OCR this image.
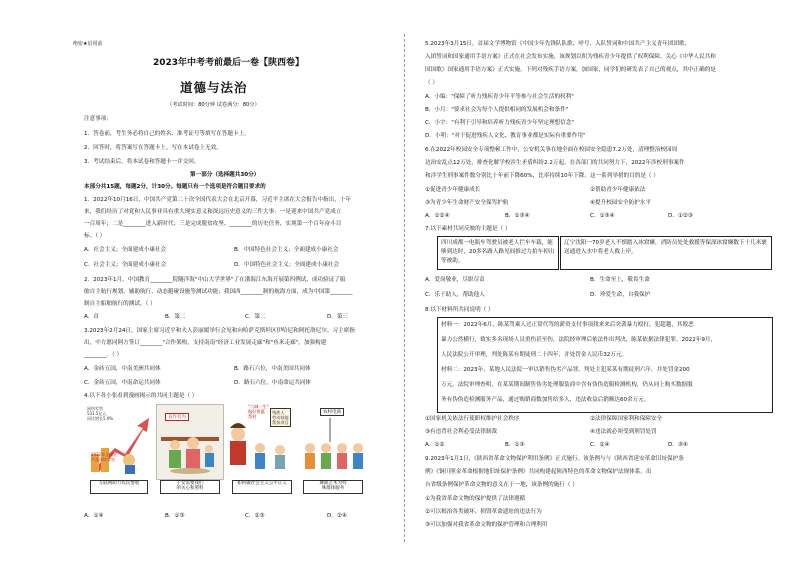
绝密★启用前
2023年中考考前最后一卷【陕西卷】
道德与法治
（考试时间：80分钟 试卷满分：80分）
注意事项：
1．答卷前，考生务必将自己的姓名、准考证号等填写在答题卡上。
2．回答时，将答案写在答题卡上。写在本试卷上无效。
3．考试结束后，将本试卷和答题卡一并交回。
第一部分（选择题共30分）
本部分共15题，每题2分，计30分。每题只有一个选项是符合题目要求的
1．2022年10月16日，中国共产党第二十次全国代表大会在北京开幕，习近平主席在大会报告中指出，十年
来，我们经历了对党和人民事业具有重大现实意义和深远历史意义的三件大事：一是迎来中国共产党成立
一百周年；二是________进入新时代；三是完成脱贫攻坚、________的历史任务，实现第一个百年奋斗目
标。（ ）
A．社会主义；全面建成小康社会	B．中国特色社会主义；全面建成小康社会
C．社会主义；全面建成小康社会	D．中国特色社会主义；全面建成小康社会
2．2023年1月，中国教育________院隧洋海"中山大学世界"了在渤海江东海开展第四例试，成功验证了船
舶自主航行规划、辅助航行、动态避碰设施等测试功能；我国西________制的航海方面，成为中国第________
制自主船舶航行的测试。（ ）
A．首	B．第二	C．第二	D．第三
3.2023年2月24日，国家主席习近平和夫人彭丽媛举行会见和向哈萨克斯坦区伊哈尼和阿托洛尼尔。习主席指
出，中方愿同阿方签订________"合作架构，支持南南"经济工业发展走廊"和"鱼米走廊"，加强构建
________。（ ）
A．金砖五国，中南美洲共同体	B．路石六位，中南美国共同体
C．金砖五国，中南命运共同体	D．路石六位，中南命运共同体
4.以下各小张看到漫画揭示的共同主题是（ ）
网络零售
531.5亿元
同比增长5.9%
2022年全国农
产品网络零售
互联网助力农民增收
直作有为
子女需要我们
的关心和照料
"六城一生"
做好普惠
帮村
残疾人
劳动技能
帮扶项目
如何做社会主义公平正义
农村电商
舞蹈艺术为特
殊群体服务
A．①④	B．①③	C．②③	D．②④
5.2023年3月15日，首届文学博物馆《中国少年先锋队队歌、呼号、入队誓词和中国共产主义青年团团歌、
入团誓词和国家通用手语方案》正式在社会发布实施，该规划以积为残疾青少年提供了权利保障、关心《中华人民共和
国国歌》国家通用手语方案》正式实施。下列对残疾手语方案，加国家，同学们的研发表了自己的观点，其中正确的是
（ ）
A．小编："保障了听力残疾青少年平等参与社会生活的权利"
B．小月："要求社会为每个人提供相同的发展机会和条件"
C．小宇："有利于引导和培养听力残疾青少年坚定理想信念"
D．小明："对于促进残疾人文化、教育事业都是实际有重要作用"
6.在2022年校园安全专项整顿工作中，公安机关事在地全面在校园安全隐患7.2万处，清理整治校园周
边治安乱点12万处，排查化解学校涉生矛盾纠纷2.2万起。在各部门的共同努力下，2022年涉校刑事案件
和涉学生刑事案件数分别比十年前下降60%，比率持续10年下降。这一系列举措的目的是（ ）
①促进青少年健康成长	②帮助青少年健康依法
③为青少年生命财产安全保驾护航	④提升校园安全防护水平
A．①②④	B．①③④	C．①③④	D．①②③
7.以下素材共同反映的主题是（ ）
四川成都一电瓶车驾驶员被老人拦车车载，能够到达时，20多名路人路见间推过力拍车掉出等被助。
辽宁沈阳一70岁老人不慎踏入冰窟窿，消防员处处救援等保深冰窟窿数下十几米裹送通进入水中将老人救上岸。
A．爱岗敬业，尽职尽责	B．生命至上，敬畏生命
C．乐于助人，帮助他人	D．珍爱生命，自我保护
8.以下材料所共同说明（ ）
材料一：2022年6月，陈某驾乘人过正常代驾的薪资支付事项找来来后突袭暴力殴打，犯超越，其殴恶
暴力公然横行，致实多名现场人员重伤甚至伤，法院经审理后依法作出判决，陈某依据法律犯罪。2022年9月，
人民法院公开审理，判处陈某有期徒刑二十四年，并处罚金人民币32万元。
材料二：2023年，某地人民法院一审以销售伪劣产品罪，判处主犯某某有期徒刑六年，并处罚金200
万元。法院审理查明，在某某期间制售伪劣处理服装商中含有伪伪造服检测机构，仍从同上购买数据服
务有伪伪造检测服务产品，通过购销商数加售给多人，违法收益后销额达60余万元。
①国家机关依法行使职权维护社会秩序	②法律保障国家利和保障安全
③有违背社会利必受法律制裁	④违法就必须受到刑罚处罚
A．①②	B．①③	C．②④	D．③④
9.2023年1月1日，《陕西省革命文物保护利用条例》正式施行。该条例与与《陕西省延安革命旧址保护条
例》《铜川照金革命根据地旧址保护条例》共同构建起陕西特色的革命文物保护法规体系。出
台省级条例保护革命文物的意义在于一地，该条例的施行（ ）
①为我省革命文物的保护提供了法律遵循
②可以根治各类破坏、损毁革命遗址的违法行为
③可以加强对我省革命文物的保护管理和合理利用
